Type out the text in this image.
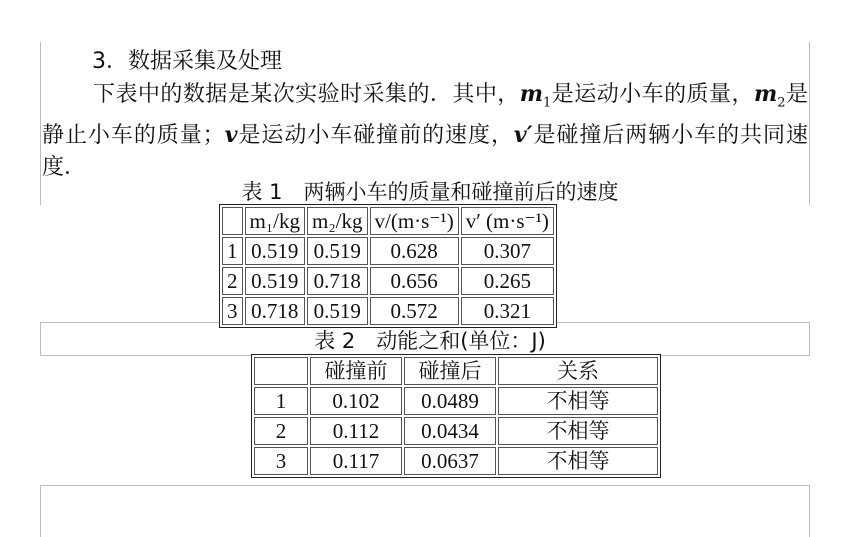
3．数据采集及处理
下表中的数据是某次实验时采集的．其中，$m_1$是运动小车的质量，$m_2$是静止小车的质量；v是运动小车碰撞前的速度，v′是碰撞后两辆小车的共同速度．
表 1　两辆小车的质量和碰撞前后的速度
	m₁/kg	m₂/kg	v/(m·s⁻¹)	v′ (m·s⁻¹)
1	0.519	0.519	0.628	0.307
2	0.519	0.718	0.656	0.265
3	0.718	0.519	0.572	0.321
表 2　动能之和(单位：J)
	碰撞前	碰撞后	关系
1	0.102	0.0489	不相等
2	0.112	0.0434	不相等
3	0.117	0.0637	不相等
